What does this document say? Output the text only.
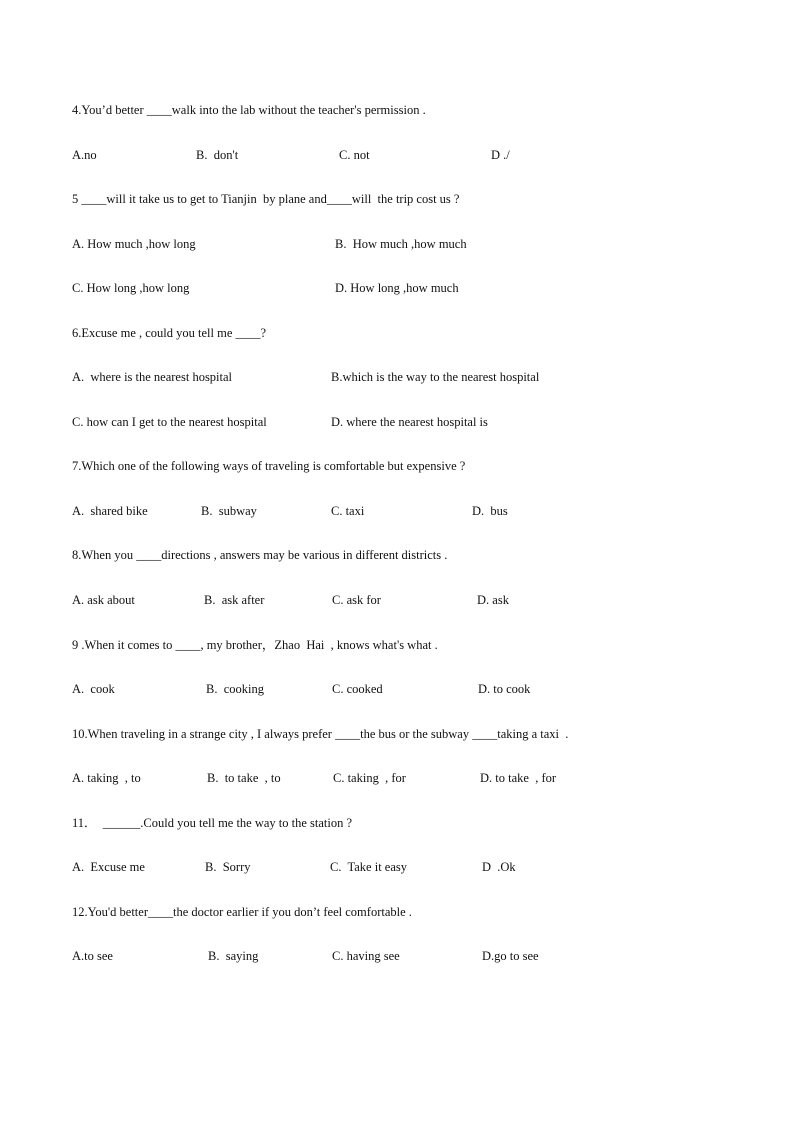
4.You’d better ____walk into the lab without the teacher's permission .
A.no	B.  don't	C. not	D ./
5 ____will it take us to get to Tianjin  by plane and____will  the trip cost us ?
A. How much ,how long	B.  How much ,how much
C. How long ,how long	D. How long ,how much
6.Excuse me , could you tell me ____?
A.  where is the nearest hospital	B.which is the way to the nearest hospital
C. how can I get to the nearest hospital	D. where the nearest hospital is
7.Which one of the following ways of traveling is comfortable but expensive ?
A.  shared bike	B.  subway	C. taxi	D.  bus
8.When you ____directions , answers may be various in different districts .
A. ask about	B.  ask after	C. ask for	D. ask
9 .When it comes to ____, my brother，Zhao  Hai  , knows what's what .
A.  cook	B.  cooking	C. cooked	D. to cook
10.When traveling in a strange city , I always prefer ____the bus or the subway ____taking a taxi  .
A. taking  , to	B.  to take  , to	C. taking  , for	D. to take  , for
11．  ______.Could you tell me the way to the station ?
A.  Excuse me	B.  Sorry	C.  Take it easy	D  .Ok
12.You'd better____the doctor earlier if you don’t feel comfortable .
A.to see	B.  saying	C. having see	D.go to see
